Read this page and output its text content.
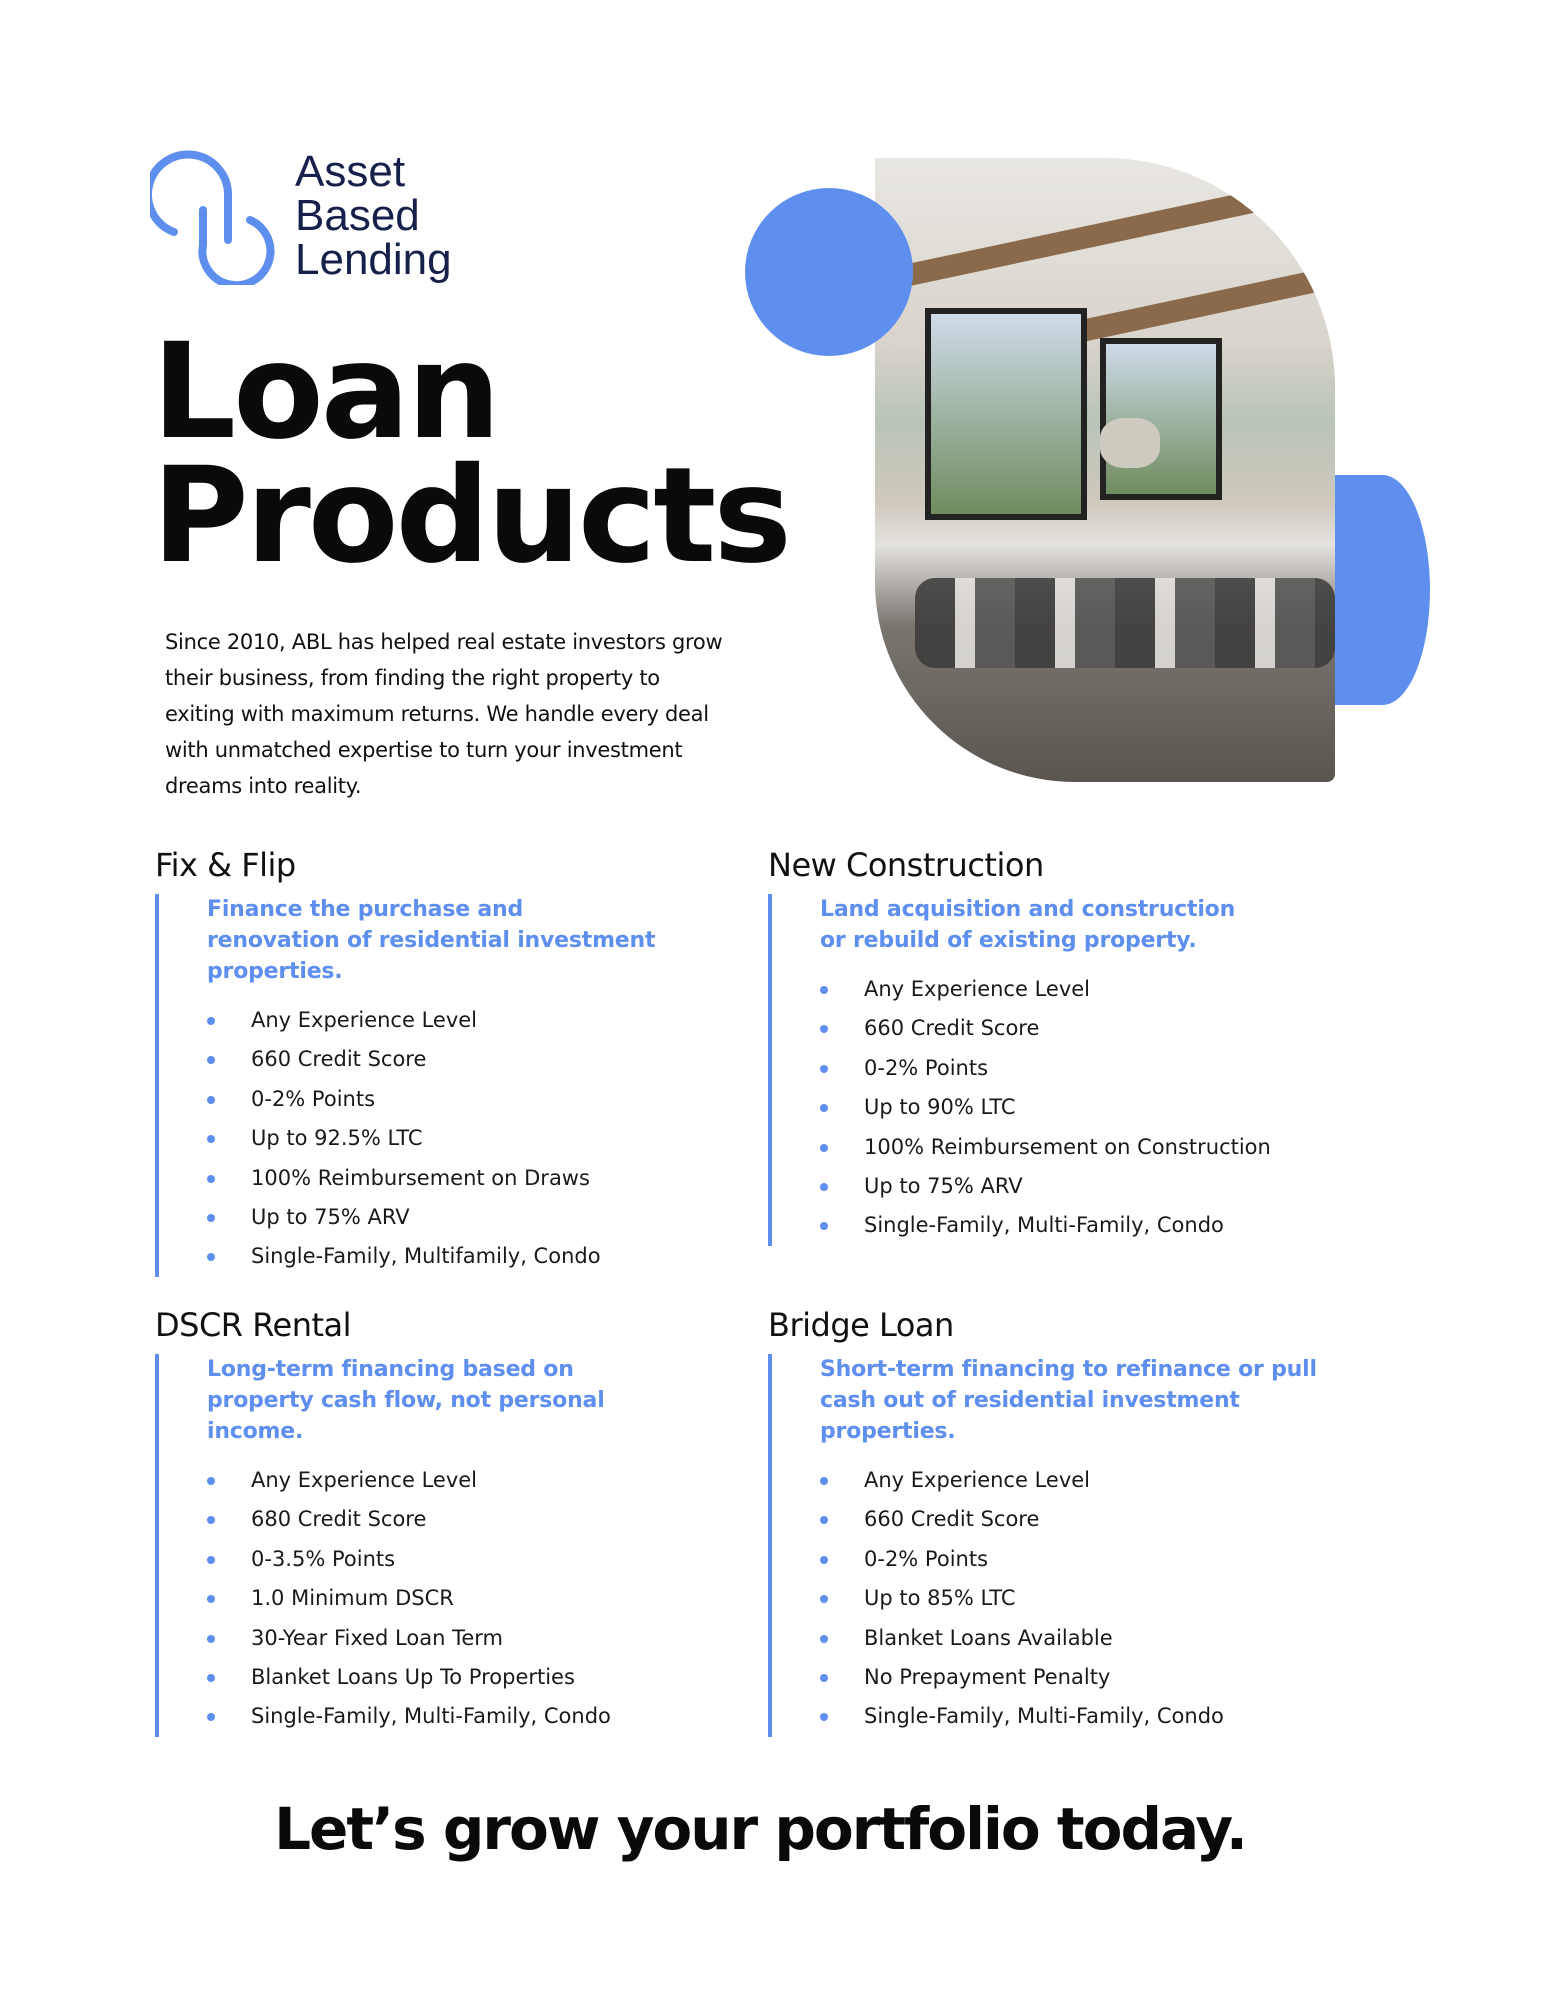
Asset
Based
Lending
Loan
Products
Since 2010, ABL has helped real estate investors grow their business, from finding the right property to exiting with maximum returns. We handle every deal with unmatched expertise to turn your investment dreams into reality.
Fix & Flip
Finance the purchase and renovation of residential investment properties.
Any Experience Level
660 Credit Score
0-2% Points
Up to 92.5% LTC
100% Reimbursement on Draws
Up to 75% ARV
Single-Family, Multifamily, Condo
New Construction
Land acquisition and construction or rebuild of existing property.
Any Experience Level
660 Credit Score
0-2% Points
Up to 90% LTC
100% Reimbursement on Construction
Up to 75% ARV
Single-Family, Multi-Family, Condo
DSCR Rental
Long-term financing based on property cash flow, not personal income.
Any Experience Level
680 Credit Score
0-3.5% Points
1.0 Minimum DSCR
30-Year Fixed Loan Term
Blanket Loans Up To Properties
Single-Family, Multi-Family, Condo
Bridge Loan
Short-term financing to refinance or pull cash out of residential investment properties.
Any Experience Level
660 Credit Score
0-2% Points
Up to 85% LTC
Blanket Loans Available
No Prepayment Penalty
Single-Family, Multi-Family, Condo
Let’s grow your portfolio today.
